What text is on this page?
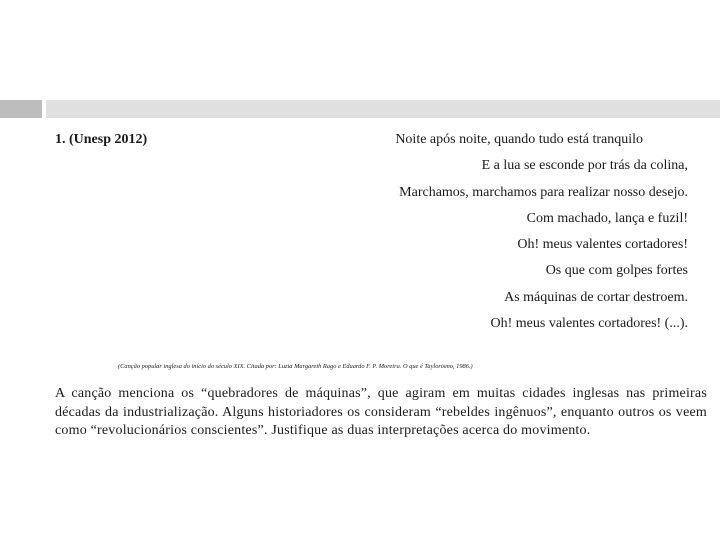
1. (Unesp 2012)	Noite após noite, quando tudo está tranquilo
E a lua se esconde por trás da colina,
Marchamos, marchamos para realizar nosso desejo.
Com machado, lança e fuzil!
Oh! meus valentes cortadores!
Os que com golpes fortes
As máquinas de cortar destroem.
Oh! meus valentes cortadores! (...).

(Canção popular inglesa do início do século XIX. Citada por: Luzia Margareth Rago e Eduardo F. P. Moreira. O que é Taylorismo, 1986.)

A canção menciona os “quebradores de máquinas”, que agiram em muitas cidades inglesas nas primeiras décadas da industrialização. Alguns historiadores os consideram “rebeldes ingênuos”, enquanto outros os veem como “revolucionários conscientes”. Justifique as duas interpretações acerca do movimento.
